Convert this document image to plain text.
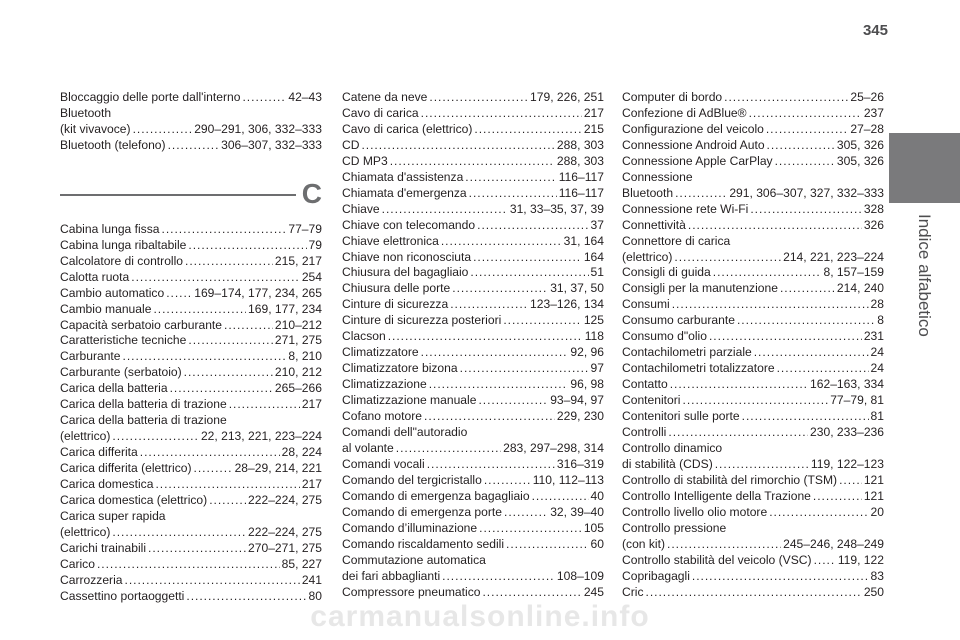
345
Indice alfabetico
Bloccaggio delle porte dall'interno . . .	42–43
Bluetooth
(kit vivavoce) . . .	290–291, 306, 332–333
Bluetooth (telefono) . . .	306–307, 332–333
C
Cabina lunga fissa . . .	77–79
Cabina lunga ribaltabile . . .	79
Calcolatore di controllo . . .	215, 217
Calotta ruota . . .	254
Cambio automatico . . . 169–174, 177, 234, 265
Cambio manuale . . .	169, 177, 234
Capacità serbatoio carburante . . .	210–212
Caratteristiche tecniche . . .	271, 275
Carburante . . .	8, 210
Carburante (serbatoio) . . .	210, 212
Carica della batteria . . .	265–266
Carica della batteria di trazione . . .	217
Carica della batteria di trazione
(elettrico) . . .	22, 213, 221, 223–224
Carica differita . . .	28, 224
Carica differita (elettrico) . . .	28–29, 214, 221
Carica domestica . . .	217
Carica domestica (elettrico) . . .	222–224, 275
Carica super rapida
(elettrico) . . .	222–224, 275
Carichi trainabili . . .	270–271, 275
Carico . . .	85, 227
Carrozzeria . . .	241
Cassettino portaoggetti . . .	80
Catene da neve . . .	179, 226, 251
Cavo di carica . . .	217
Cavo di carica (elettrico) . . .	215
CD . . .	288, 303
CD MP3 . . .	288, 303
Chiamata d'assistenza . . .	116–117
Chiamata d'emergenza . . .	116–117
Chiave . . .	31, 33–35, 37, 39
Chiave con telecomando . . .	37
Chiave elettronica . . .	31, 164
Chiave non riconosciuta . . .	164
Chiusura del bagagliaio . . .	51
Chiusura delle porte . . .	31, 37, 50
Cinture di sicurezza . . .	123–126, 134
Cinture di sicurezza posteriori . . .	125
Clacson . . .	118
Climatizzatore . . .	92, 96
Climatizzatore bizona . . .	97
Climatizzazione . . .	96, 98
Climatizzazione manuale . . .	93–94, 97
Cofano motore . . .	229, 230
Comandi dell"autoradio
al volante . . .	283, 297–298, 314
Comandi vocali . . .	316–319
Comando del tergicristallo . . .	110, 112–113
Comando di emergenza bagagliaio . . .	40
Comando di emergenza porte . . .	32, 39–40
Comando d’illuminazione . . .	105
Comando riscaldamento sedili . . .	60
Commutazione automatica
dei fari abbaglianti . . .	108–109
Compressore pneumatico . . .	245
Computer di bordo . . .	25–26
Confezione di AdBlue® . . .	237
Configurazione del veicolo . . .	27–28
Connessione Android Auto . . .	305, 326
Connessione Apple CarPlay . . .	305, 326
Connessione
Bluetooth . . .	291, 306–307, 327, 332–333
Connessione rete Wi-Fi . . .	328
Connettività . . .	326
Connettore di carica
(elettrico) . . .	214, 221, 223–224
Consigli di guida . . .	8, 157–159
Consigli per la manutenzione . . .	214, 240
Consumi . . .	28
Consumo carburante . . .	8
Consumo d"olio . . .	231
Contachilometri parziale . . .	24
Contachilometri totalizzatore . . .	24
Contatto . . .	162–163, 334
Contenitori . . .	77–79, 81
Contenitori sulle porte . . .	81
Controlli . . .	230, 233–236
Controllo dinamico
di stabilità (CDS) . . .	119, 122–123
Controllo di stabilità del rimorchio (TSM) . . . 121
Controllo Intelligente della Trazione . . .	121
Controllo livello olio motore . . .	20
Controllo pressione
(con kit) . . .	245–246, 248–249
Controllo stabilità del veicolo (VSC) . . . 119, 122
Copribagagli . . .	83
Cric . . .	250
carmanualsonline.info
